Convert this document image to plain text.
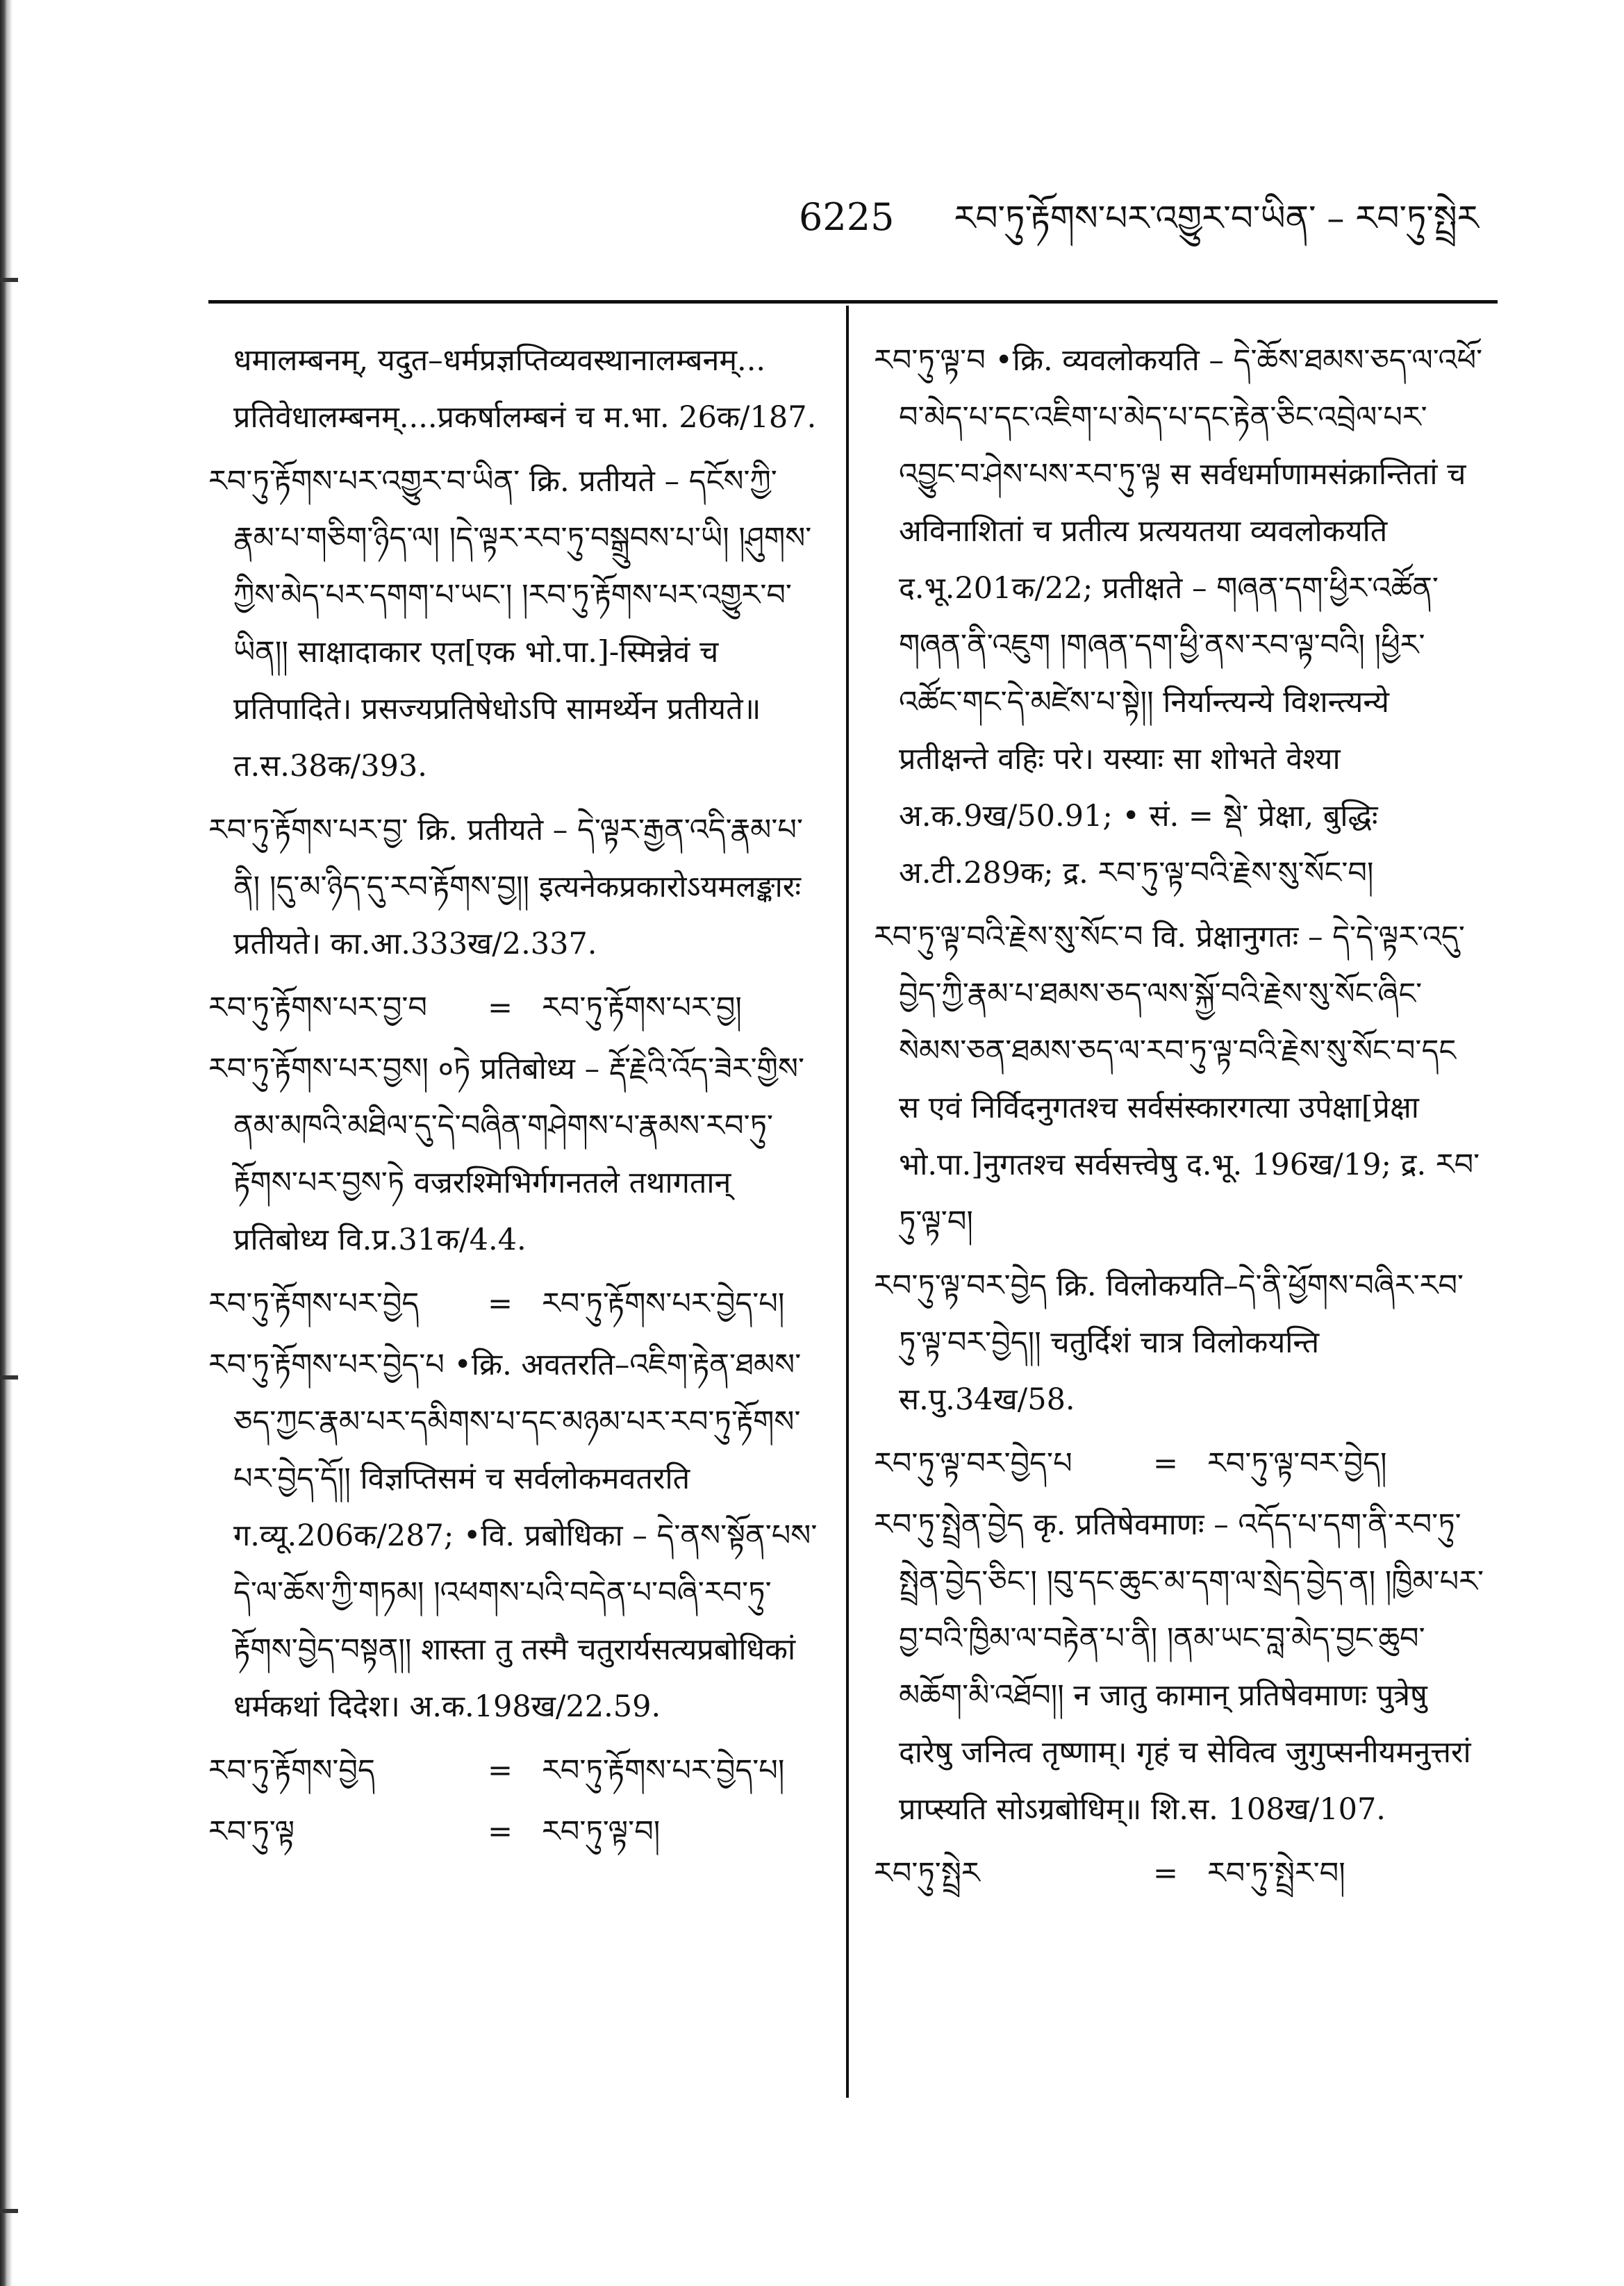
6225 རབ་ཏུ་རྟོགས་པར་འགྱུར་བ་ཡིན་ – རབ་ཏུ་སྤྲེར
धमालम्बनम्, यदुत–धर्मप्रज्ञप्तिव्यवस्थानालम्बनम्... प्रतिवेधालम्बनम्....प्रकर्षालम्बनं च म.भा. 26क/187.
རབ་ཏུ་རྟོགས་པར་འགྱུར་བ་ཡིན་ क्रि. प्रतीयते – དངོས་ཀྱི་རྣམ་པ་གཅིག་ཉིད་ལ། །དེ་ལྟར་རབ་ཏུ་བསྒྲུབས་པ་ཡི། །ཤུགས་ཀྱིས་མེད་པར་དགག་པ་ཡང་། །རབ་ཏུ་རྟོགས་པར་འགྱུར་བ་ཡིན།། साक्षादाकार एत[एक भो.पा.]-स्मिन्नेवं च प्रतिपादिते। प्रसज्यप्रतिषेधोऽपि सामर्थ्येन प्रतीयते॥ त.स.38क/393.
རབ་ཏུ་རྟོགས་པར་བྱ་ क्रि. प्रतीयते – དེ་ལྟར་རྒྱན་འདི་རྣམ་པ་ནི། །དུ་མ་ཉིད་དུ་རབ་རྟོགས་བྱ།། इत्यनेकप्रकारोऽयमलङ्कारः प्रतीयते। का.आ.333ख/2.337.
རབ་ཏུ་རྟོགས་པར་བྱ་བ	= རབ་ཏུ་རྟོགས་པར་བྱ།
རབ་ཏུ་རྟོགས་པར་བྱས། ०ཏེ प्रतिबोध्य – རྡོ་རྗེའི་འོད་ཟེར་གྱིས་ནམ་མཁའི་མཐིལ་དུ་དེ་བཞིན་གཤེགས་པ་རྣམས་རབ་ཏུ་རྟོགས་པར་བྱས་ཏེ वज्ररश्मिभिर्गगनतले तथागतान् प्रतिबोध्य वि.प्र.31क/4.4.
རབ་ཏུ་རྟོགས་པར་བྱེད	= རབ་ཏུ་རྟོགས་པར་བྱེད་པ།
རབ་ཏུ་རྟོགས་པར་བྱེད་པ •क्रि. अवतरति–འཇིག་རྟེན་ཐམས་ཅད་ཀྱང་རྣམ་པར་དམིགས་པ་དང་མཉམ་པར་རབ་ཏུ་རྟོགས་པར་བྱེད་དོ།། विज्ञप्तिसमं च सर्वलोकमवतरति ग.व्यू.206क/287; •वि. प्रबोधिका – དེ་ནས་སྟོན་པས་དེ་ལ་ཆོས་ཀྱི་གཏམ། །འཕགས་པའི་བདེན་པ་བཞི་རབ་ཏུ་རྟོགས་བྱེད་བསྟན།། शास्ता तु तस्मै चतुरार्यसत्यप्रबोधिकां धर्मकथां दिदेश। अ.क.198ख/22.59.
རབ་ཏུ་རྟོགས་བྱེད	= རབ་ཏུ་རྟོགས་པར་བྱེད་པ།
རབ་ཏུ་ལྟ	= རབ་ཏུ་ལྟ་བ།
རབ་ཏུ་ལྟ་བ •क्रि. व्यवलोकयति – དེ་ཆོས་ཐམས་ཅད་ལ་འཕོ་བ་མེད་པ་དང་འཇིག་པ་མེད་པ་དང་རྟེན་ཅིང་འབྲེལ་པར་འབྱུང་བ་ཤེས་པས་རབ་ཏུ་ལྟ स सर्वधर्माणामसंक्रान्तितां च अविनाशितां च प्रतीत्य प्रत्ययतया व्यवलोकयति द.भू.201क/22; प्रतीक्षते – གཞན་དག་ཕྱིར་འཚོན་གཞན་ནི་འཇུག །གཞན་དག་ཕྱི་ནས་རབ་ལྟ་བའི། །ཕྱིར་འཚོང་གང་དེ་མཛེས་པ་སྟེ།། निर्यान्त्यन्ये विशन्त्यन्ये प्रतीक्षन्ते वहिः परे। यस्याः सा शोभते वेश्या अ.क.9ख/50.91; • सं. = སྡེ་ प्रेक्षा, बुद्धिः अ.टी.289क; द्र. རབ་ཏུ་ལྟ་བའི་རྗེས་སུ་སོང་བ།
རབ་ཏུ་ལྟ་བའི་རྗེས་སུ་སོང་བ वि. प्रेक्षानुगतः – དེ་དེ་ལྟར་འདུ་བྱེད་ཀྱི་རྣམ་པ་ཐམས་ཅད་ལས་སྐྱོ་བའི་རྗེས་སུ་སོང་ཞིང་སེམས་ཅན་ཐམས་ཅད་ལ་རབ་ཏུ་ལྟ་བའི་རྗེས་སུ་སོང་བ་དང स एवं निर्विदनुगतश्च सर्वसंस्कारगत्या उपेक्षा[प्रेक्षा भो.पा.]नुगतश्च सर्वसत्त्वेषु द.भू. 196ख/19; द्र. རབ་ཏུ་ལྟ་བ།
རབ་ཏུ་ལྟ་བར་བྱེད क्रि. विलोकयति–དེ་ནི་ཕྱོགས་བཞིར་རབ་ཏུ་ལྟ་བར་བྱེད།། चतुर्दिशं चात्र विलोकयन्ति स.पु.34ख/58.
རབ་ཏུ་ལྟ་བར་བྱེད་པ	= རབ་ཏུ་ལྟ་བར་བྱེད།
རབ་ཏུ་སྤྲེན་བྱེད कृ. प्रतिषेवमाणः – འདོད་པ་དག་ནི་རབ་ཏུ་སྤྲེན་བྱེད་ཅིང་། །བུ་དང་ཆུང་མ་དག་ལ་སྲེད་བྱེད་ན། །ཁྱིམ་པར་བྱ་བའི་ཁྱིམ་ལ་བརྟེན་པ་ནི། །ནམ་ཡང་བླ་མེད་བྱང་ཆུབ་མཆོག་མི་འཐོབ།། न जातु कामान् प्रतिषेवमाणः पुत्रेषु दारेषु जनित्व तृष्णाम्। गृहं च सेवित्व जुगुप्सनीयमनुत्तरां प्राप्स्यति सोऽग्रबोधिम्॥ शि.स. 108ख/107.
རབ་ཏུ་སྤྲེར	= རབ་ཏུ་སྤྲེར་བ།
